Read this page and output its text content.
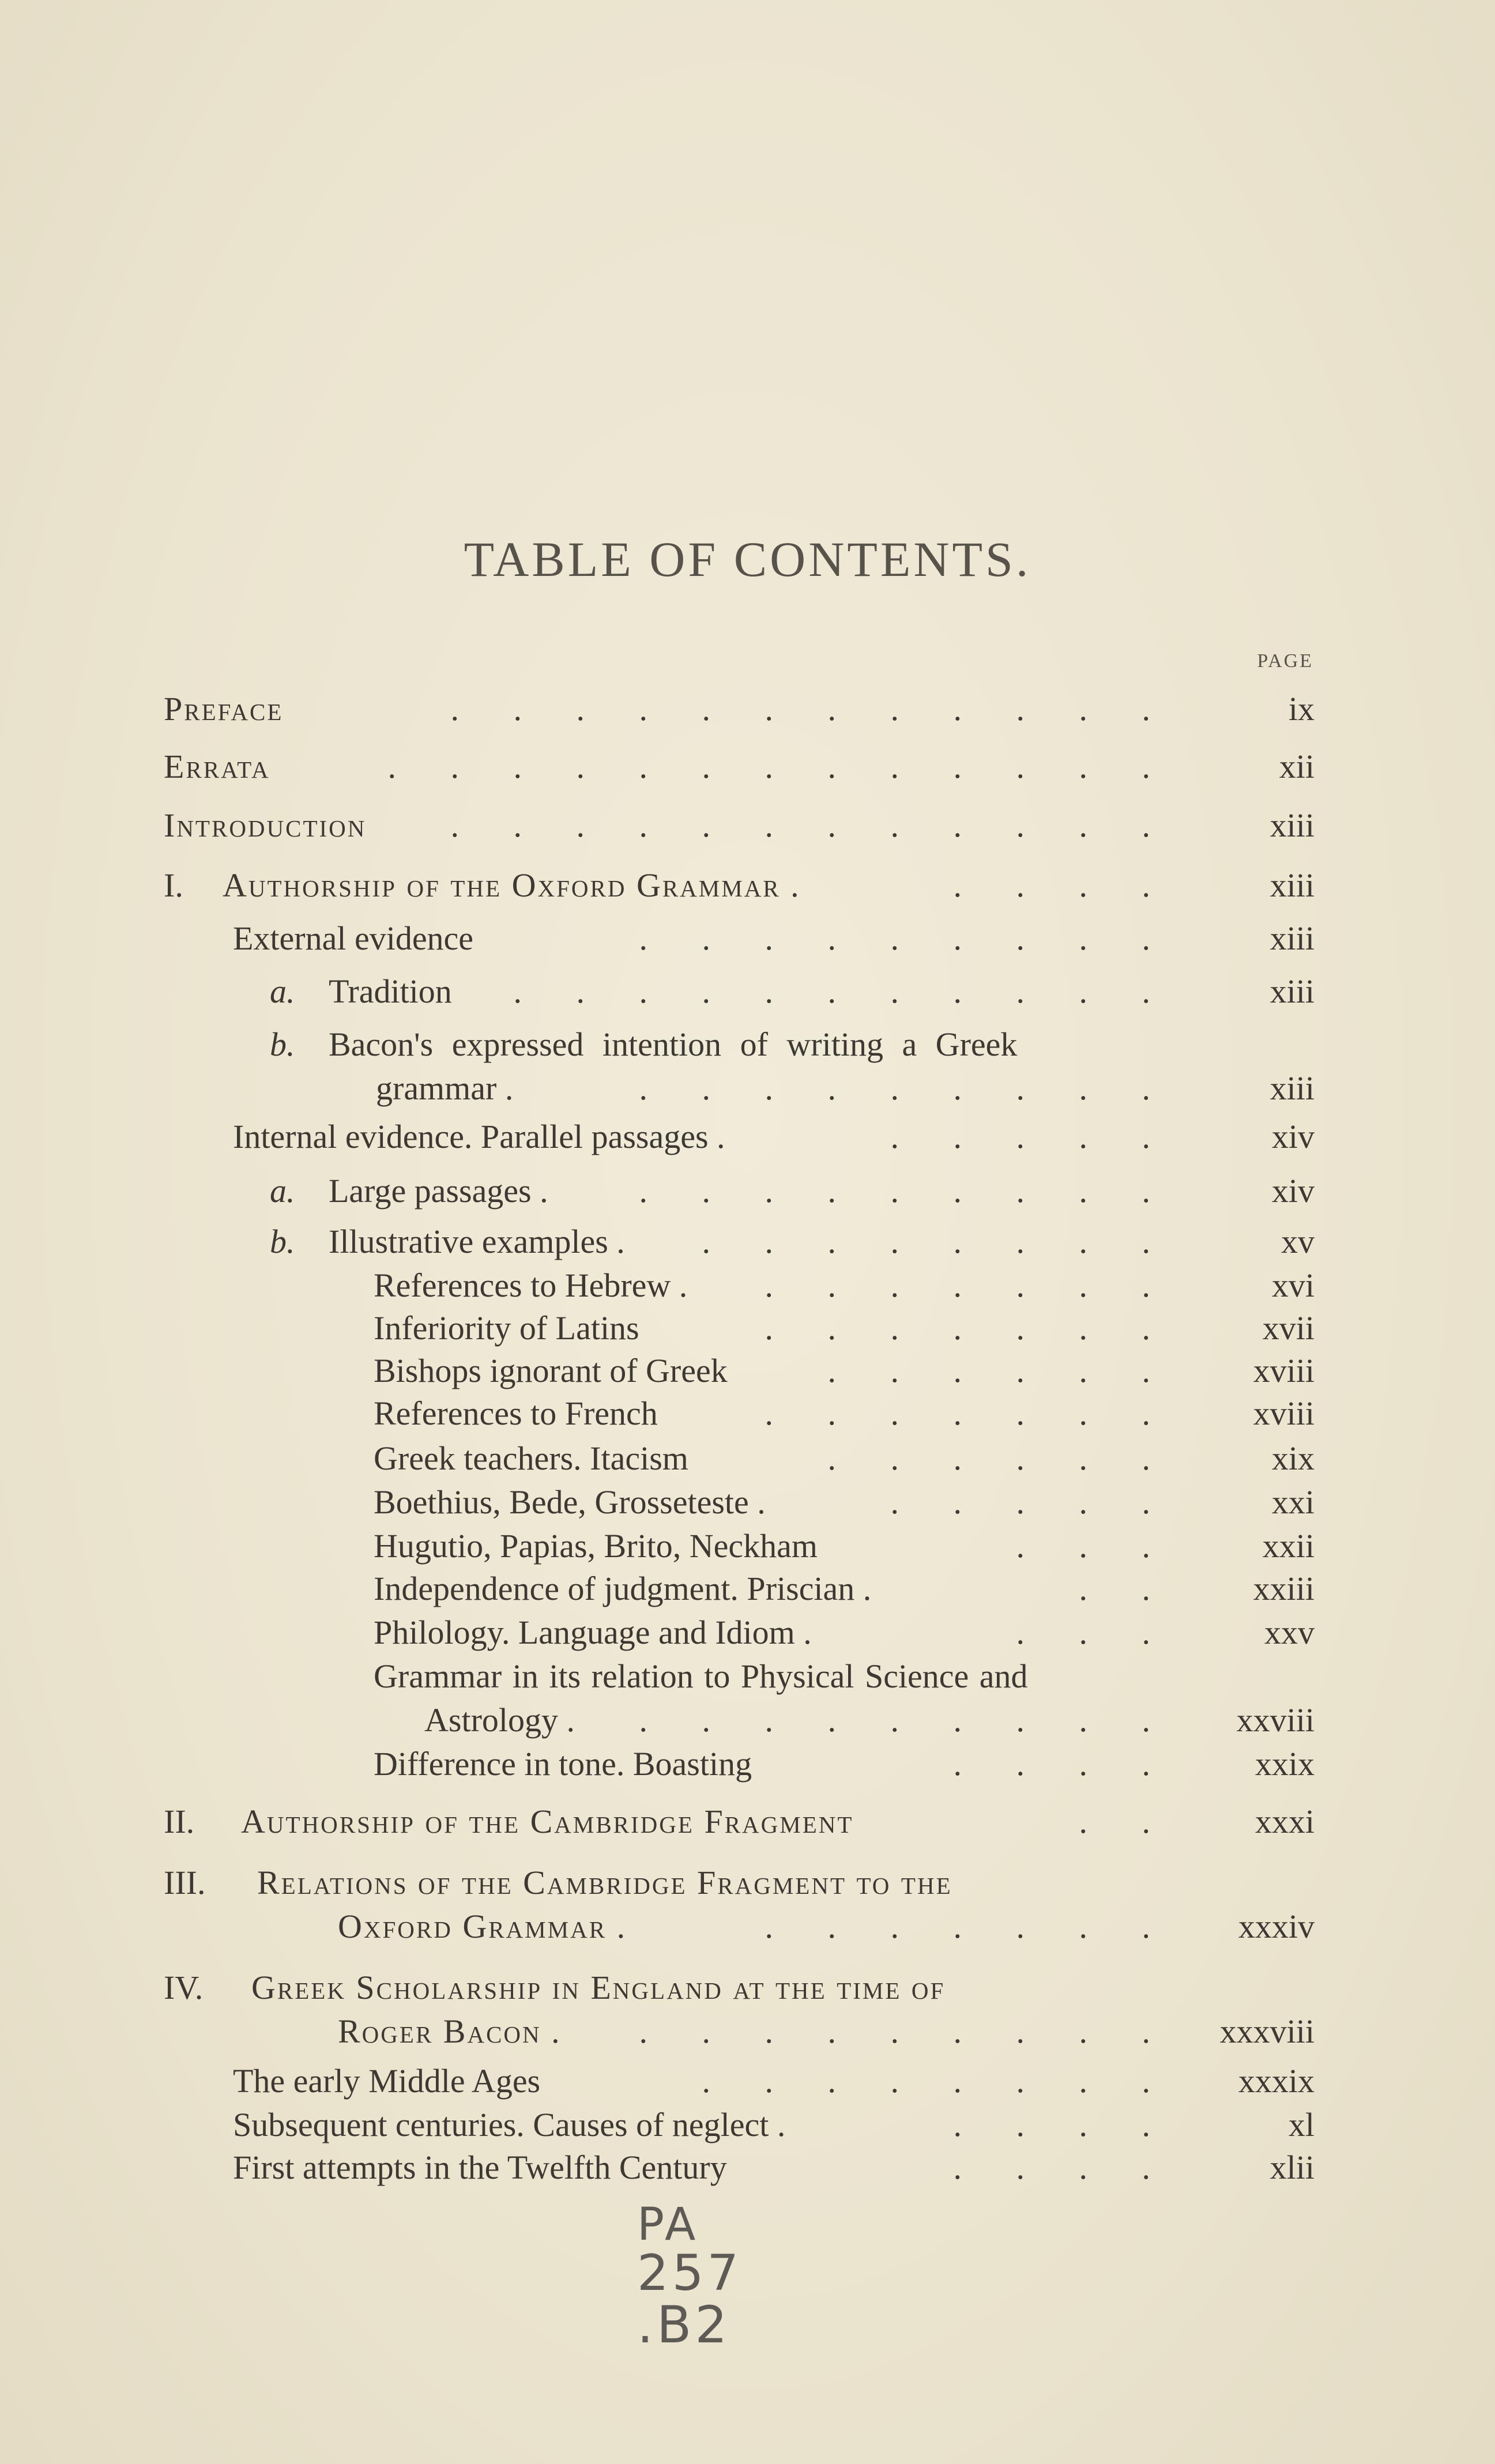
TABLE OF CONTENTS.
PAGE
Preface	. . . . . . . . . . . .	ix
Errata	. . . . . . . . . . . . .	xii
Introduction	. . . . . . . . . . . .	xiii
I. Authorship of the Oxford Grammar .	. . . .	xiii
External evidence	. . . . . . . . .	xiii
a. Tradition . . . . . . . . . . .	xiii
b. Bacon's expressed intention of writing a Greek
grammar .	. . . . . . . . .	xiii
Internal evidence. Parallel passages .	. . . . .	xiv
a. Large passages .	. . . . . . . . .	xiv
b. Illustrative examples . . . . . . . . .	xv
References to Hebrew . . . . . . . .	xvi
Inferiority of Latins	. . . . . . .	xvii
Bishops ignorant of Greek	. . . . . . xviii
References to French	. . . . . . . xviii
Greek teachers. Itacism	. . . . . .	xix
Boethius, Bede, Grosseteste .	. . . . .	xxi
Hugutio, Papias, Brito, Neckham	. . .	xxii
Independence of judgment. Priscian .	. . xxiii
Philology. Language and Idiom .	. . .	xxv
Grammar in its relation to Physical Science and
Astrology . . . . . . . . . . xxviii
Difference in tone. Boasting	. . . . xxix
II. Authorship of the Cambridge Fragment	. . xxxi
III. Relations of the Cambridge Fragment to the
Oxford Grammar .	. . . . . . . xxxiv
IV. Greek Scholarship in England at the time of
Roger Bacon . . . . . . . . . . xxxviii
The early Middle Ages	. . . . . . . . xxxix
Subsequent centuries. Causes of neglect .	. . . .	xl
First attempts in the Twelfth Century	. . . .	xlii
PA
257
.B2
